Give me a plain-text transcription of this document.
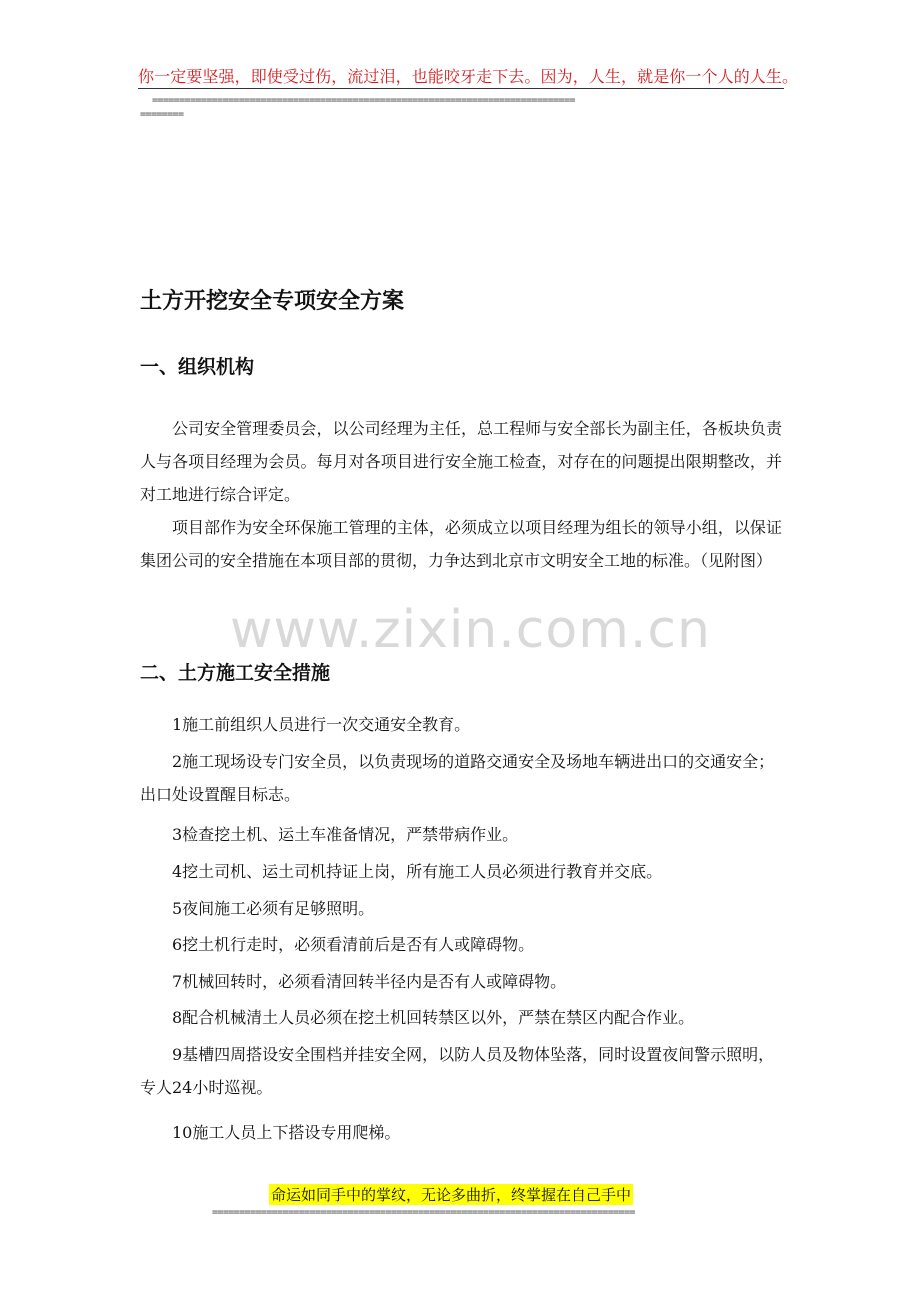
你一定要坚强，即使受过伤，流过泪，也能咬牙走下去。因为，人生，就是你一个人的人生。
==============================================================================
========
土方开挖安全专项安全方案
一、组织机构
公司安全管理委员会，以公司经理为主任，总工程师与安全部长为副主任，各板块负责人与各项目经理为会员。每月对各项目进行安全施工检查，对存在的问题提出限期整改，并对工地进行综合评定。
项目部作为安全环保施工管理的主体，必须成立以项目经理为组长的领导小组，以保证集团公司的安全措施在本项目部的贯彻，力争达到北京市文明安全工地的标准。（见附图）
www.zixin.com.cn
二、土方施工安全措施
1施工前组织人员进行一次交通安全教育。
2施工现场设专门安全员，以负责现场的道路交通安全及场地车辆进出口的交通安全；出口处设置醒目标志。
3检查挖土机、运土车准备情况，严禁带病作业。
4挖土司机、运土司机持证上岗，所有施工人员必须进行教育并交底。
5夜间施工必须有足够照明。
6挖土机行走时，必须看清前后是否有人或障碍物。
7机械回转时，必须看清回转半径内是否有人或障碍物。
8配合机械清土人员必须在挖土机回转禁区以外，严禁在禁区内配合作业。
9基槽四周搭设安全围档并挂安全网，以防人员及物体坠落，同时设置夜间警示照明，专人24小时巡视。
10施工人员上下搭设专用爬梯。
命运如同手中的掌纹，无论多曲折，终掌握在自己手中
==============================================================================
